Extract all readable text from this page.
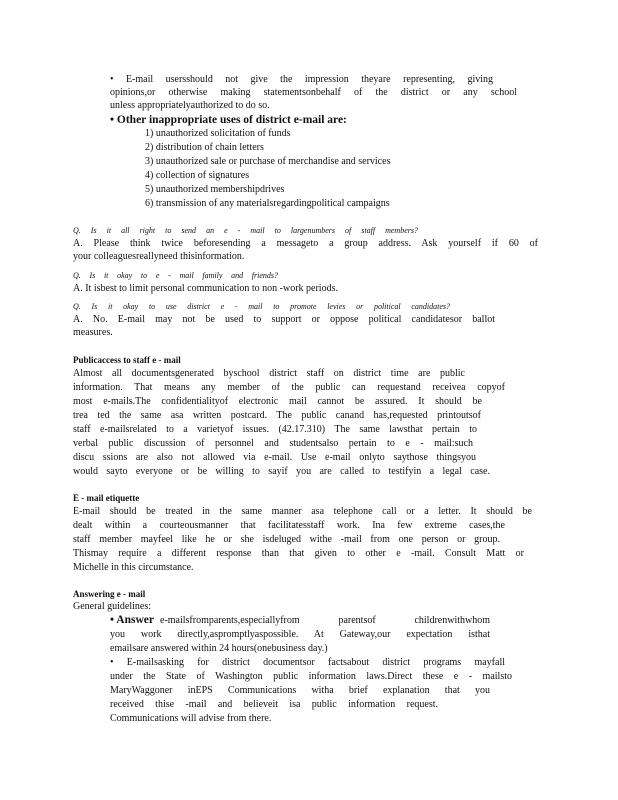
• E-mail usersshould not give the impression theyare representing, giving
opinions,or otherwise making statementsonbehalf of the district or any school
unless appropriatelyauthorized to do so.
• Other inappropriate uses of district e-mail are:
1) unauthorized solicitation of funds
2) distribution of chain letters
3) unauthorized sale or purchase of merchandise and services
4) collection of signatures
5) unauthorized membershipdrives
6) transmission of any materialsregardingpolitical campaigns
Q. Is it all right to send an e - mail to largenumbers of staff members?
A. Please think twice beforesending a messageto a group address. Ask yourself if 60 of
your colleaguesreallyneed thisinformation.
Q. Is it okay to e - mail family and friends?
A. It isbest to limit personal communication to non -work periods.
Q. Is it okay to use district e - mail to promote levies or political candidates?
A. No. E-mail may not be used to support or oppose political candidatesor ballot
measures.
Publicaccess to staff e - mail
Almost all documentsgenerated byschool district staff on district time are public
information. That means any member of the public can requestand receivea copyof
most e-mails.The confidentialityof electronic mail cannot be assured. It should be
trea ted the same asa written postcard. The public canand has,requested printoutsof
staff e-mailsrelated to a varietyof issues. (42.17.310) The same lawsthat pertain to
verbal public discussion of personnel and studentsalso pertain to e - mail:such
discu ssions are also not allowed via e-mail. Use e-mail onlyto saythose thingsyou
would sayto everyone or be willing to sayif you are called to testifyin a legal case.
E - mail etiquette
E-mail should be treated in the same manner asa telephone call or a letter. It should be
dealt within a courteousmanner that facilitatesstaff work. Ina few extreme cases,the
staff member mayfeel like he or she isdeluged withe -mail from one person or group.
Thismay require a different response than that given to other e -mail. Consult Matt or
Michelle in this circumstance.
Answering e - mail
General guidelines:
• Answer e-mailsfromparents,especiallyfrom parentsof childrenwithwhom
you work directly,aspromptlyaspossible. At Gateway,our expectation isthat
emailsare answered within 24 hours(onebusiness day.)
• E-mailsasking for district documentsor factsabout district programs mayfall
under the State of Washington public information laws.Direct these e - mailsto
MaryWaggoner inEPS Communications witha brief explanation that you
received thise -mail and believeit isa public information request.
Communications will advise from there.
